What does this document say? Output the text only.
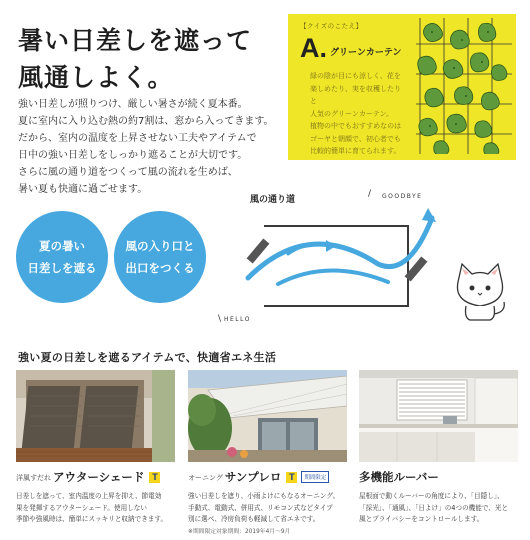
暑い日差しを遮って
風通しよく。
強い日差しが照りつけ、厳しい暑さが続く夏本番。
夏に室内に入り込む熱の約7割は、窓から入ってきます。
だから、室内の温度を上昇させない工夫やアイテムで
日中の強い日差しをしっかり遮ることが大切です。
さらに風の通り道をつくって風の流れを生めば、
暑い夏も快適に過ごせます。
【クイズのこたえ】
A. グリーンカーテン
緑の陰が目にも涼しく、花を
楽しめたり、実を収穫したりと
人気のグリーンカーテン。
植物の中でもおすすめなのは
ゴーヤと朝顔で、初心者でも
比較的簡単に育てられます。
夏の暑い
日差しを遮る
風の入り口と
出口をつくる
風の通り道	GOODBYE
HELLO
/
\
強い夏の日差しを遮るアイテムで、快適省エネ生活
洋風すだれ アウターシェード T
日差しを遮って、室内温度の上昇を抑え、節電効
果を発揮するアウターシェード。使用しない
季節や強風時は、簡単にスッキリと収納できます。
オーニング サンプレロ T	期間限定
強い日差しを遮り、小雨よけにもなるオーニング。
手動式、電動式、併用式、リモコン式などタイプ
別に選べ、冷房負荷も軽減して省エネです。
※期間限定対象期間：2019年4月～9月
多機能ルーバー
屋根面で動くルーバーの角度により、「目隠し」、
「採光」、「通風」、「日よけ」の4つの機能で、光と
風とプライバシーをコントロールします。
